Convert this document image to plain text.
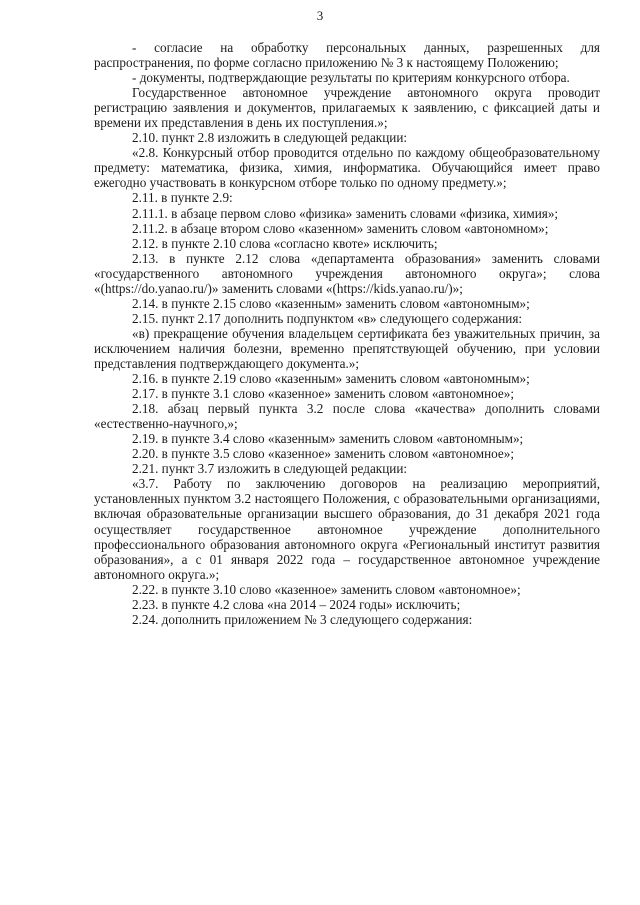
3

- согласие на обработку персональных данных, разрешенных для распространения, по форме согласно приложению № 3 к настоящему Положению;

- документы, подтверждающие результаты по критериям конкурсного отбора.

Государственное автономное учреждение автономного округа проводит регистрацию заявления и документов, прилагаемых к заявлению, с фиксацией даты и времени их представления в день их поступления.»;

2.10. пункт 2.8 изложить в следующей редакции:

«2.8. Конкурсный отбор проводится отдельно по каждому общеобразовательному предмету: математика, физика, химия, информатика. Обучающийся имеет право ежегодно участвовать в конкурсном отборе только по одному предмету.»;

2.11. в пункте 2.9:

2.11.1. в абзаце первом слово «физика» заменить словами «физика, химия»;

2.11.2. в абзаце втором слово «казенном» заменить словом «автономном»;

2.12. в пункте 2.10 слова «согласно квоте» исключить;

2.13. в пункте 2.12 слова «департамента образования» заменить словами «государственного автономного учреждения автономного округа»; слова «(https://do.yanao.ru/)» заменить словами «(https://kids.yanao.ru/)»;

2.14. в пункте 2.15 слово «казенным» заменить словом «автономным»;

2.15. пункт 2.17 дополнить подпунктом «в» следующего содержания:

«в) прекращение обучения владельцем сертификата без уважительных причин, за исключением наличия болезни, временно препятствующей обучению, при условии представления подтверждающего документа.»;

2.16. в пункте 2.19 слово «казенным» заменить словом «автономным»;

2.17. в пункте 3.1 слово «казенное» заменить словом «автономное»;

2.18. абзац первый пункта 3.2 после слова «качества» дополнить словами «естественно-научного,»;

2.19. в пункте 3.4 слово «казенным» заменить словом «автономным»;

2.20. в пункте 3.5 слово «казенное» заменить словом «автономное»;

2.21. пункт 3.7 изложить в следующей редакции:

«3.7. Работу по заключению договоров на реализацию мероприятий, установленных пунктом 3.2 настоящего Положения, с образовательными организациями, включая образовательные организации высшего образования, до 31 декабря 2021 года осуществляет государственное автономное учреждение дополнительного профессионального образования автономного округа «Региональный институт развития образования», а с 01 января 2022 года – государственное автономное учреждение автономного округа.»;

2.22. в пункте 3.10 слово «казенное» заменить словом «автономное»;

2.23. в пункте 4.2 слова «на 2014 – 2024 годы» исключить;

2.24. дополнить приложением № 3 следующего содержания:
